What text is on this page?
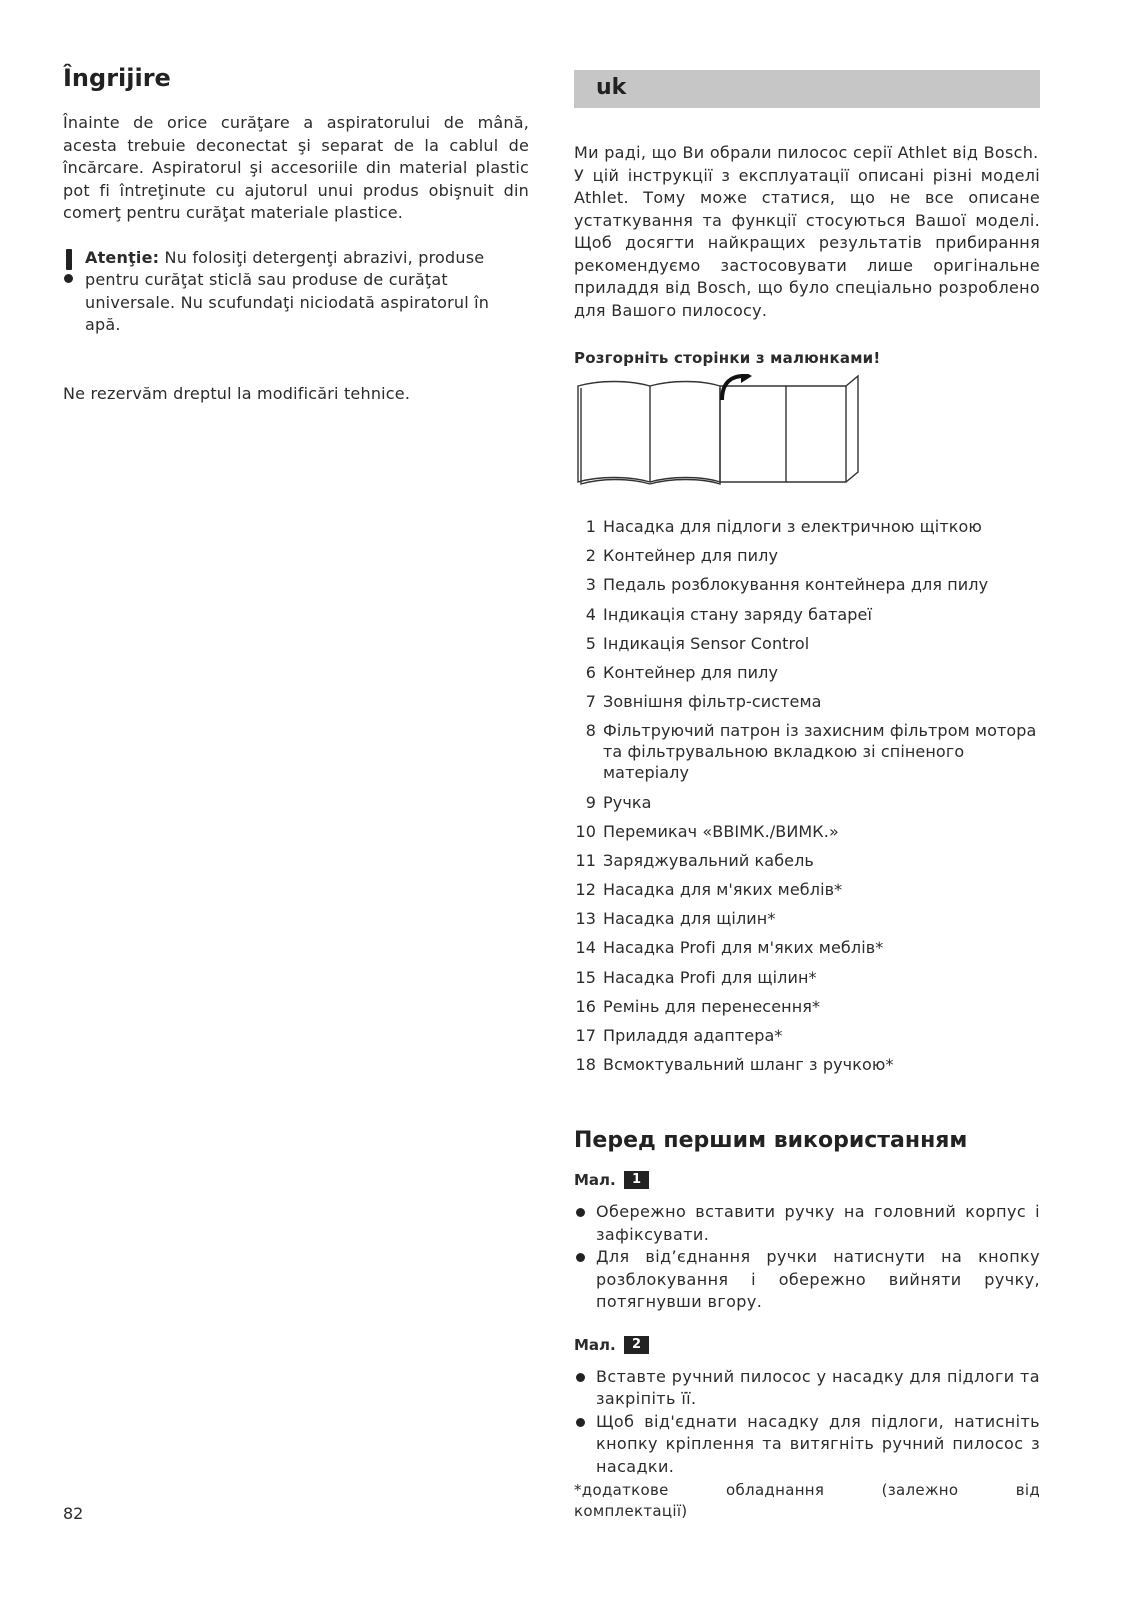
Îngrijire

Înainte de orice curăţare a aspiratorului de mână, acesta trebuie deconectat şi separat de la cablul de încărcare. Aspiratorul şi accesoriile din material plastic pot fi întreţinute cu ajutorul unui produs obişnuit din comerţ pentru curăţat materiale plastice.

Atenţie: Nu folosiţi detergenţi abrazivi, produse pentru curăţat sticlă sau produse de curăţat universale. Nu scufundaţi niciodată aspiratorul în apă.

Ne rezervăm dreptul la modificări tehnice.

uk

Ми раді, що Ви обрали пилосос серії Athlet від Bosch.

У цій інструкції з експлуатації описані різні моделі Athlet. Тому може статися, що не все описане устаткування та функції стосуються Вашої моделі. Щоб досягти найкращих результатів прибирання рекомендуємо застосовувати лише оригінальне приладдя від Bosch, що було спеціально розроблено для Вашого пилососу.

Розгорніть сторінки з малюнками!
1 Насадка для підлоги з електричною щіткою
2 Контейнер для пилу
3 Педаль розблокування контейнера для пилу
4 Індикація стану заряду батареї
5 Індикація Sensor Control
6 Контейнер для пилу
7 Зовнішня фільтр-система
8 Фільтруючий патрон із захисним фільтром мотора та фільтрувальною вкладкою зі спіненого матеріалу
9 Ручка
10 Перемикач «ВВІМК./ВИМК.»
11 Заряджувальний кабель
12 Насадка для м'яких меблів*
13 Насадка для щілин*
14 Насадка Profi для м'яких меблів*
15 Насадка Profi для щілин*
16 Ремінь для перенесення*
17 Приладдя адаптера*
18 Всмоктувальний шланг з ручкою*
Перед першим використанням
Мал. 1
Обережно вставити ручку на головний корпус і зафіксувати.
Для від’єднання ручки натиснути на кнопку розблокування і обережно вийняти ручку, потягнувши вгору.
Мал. 2
Вставте ручний пилосос у насадку для підлоги та закріпіть її.
Щоб від'єднати насадку для підлоги, натисніть кнопку кріплення та витягніть ручний пилосос з насадки.

*додаткове обладнання (залежно від комплектації)

82
